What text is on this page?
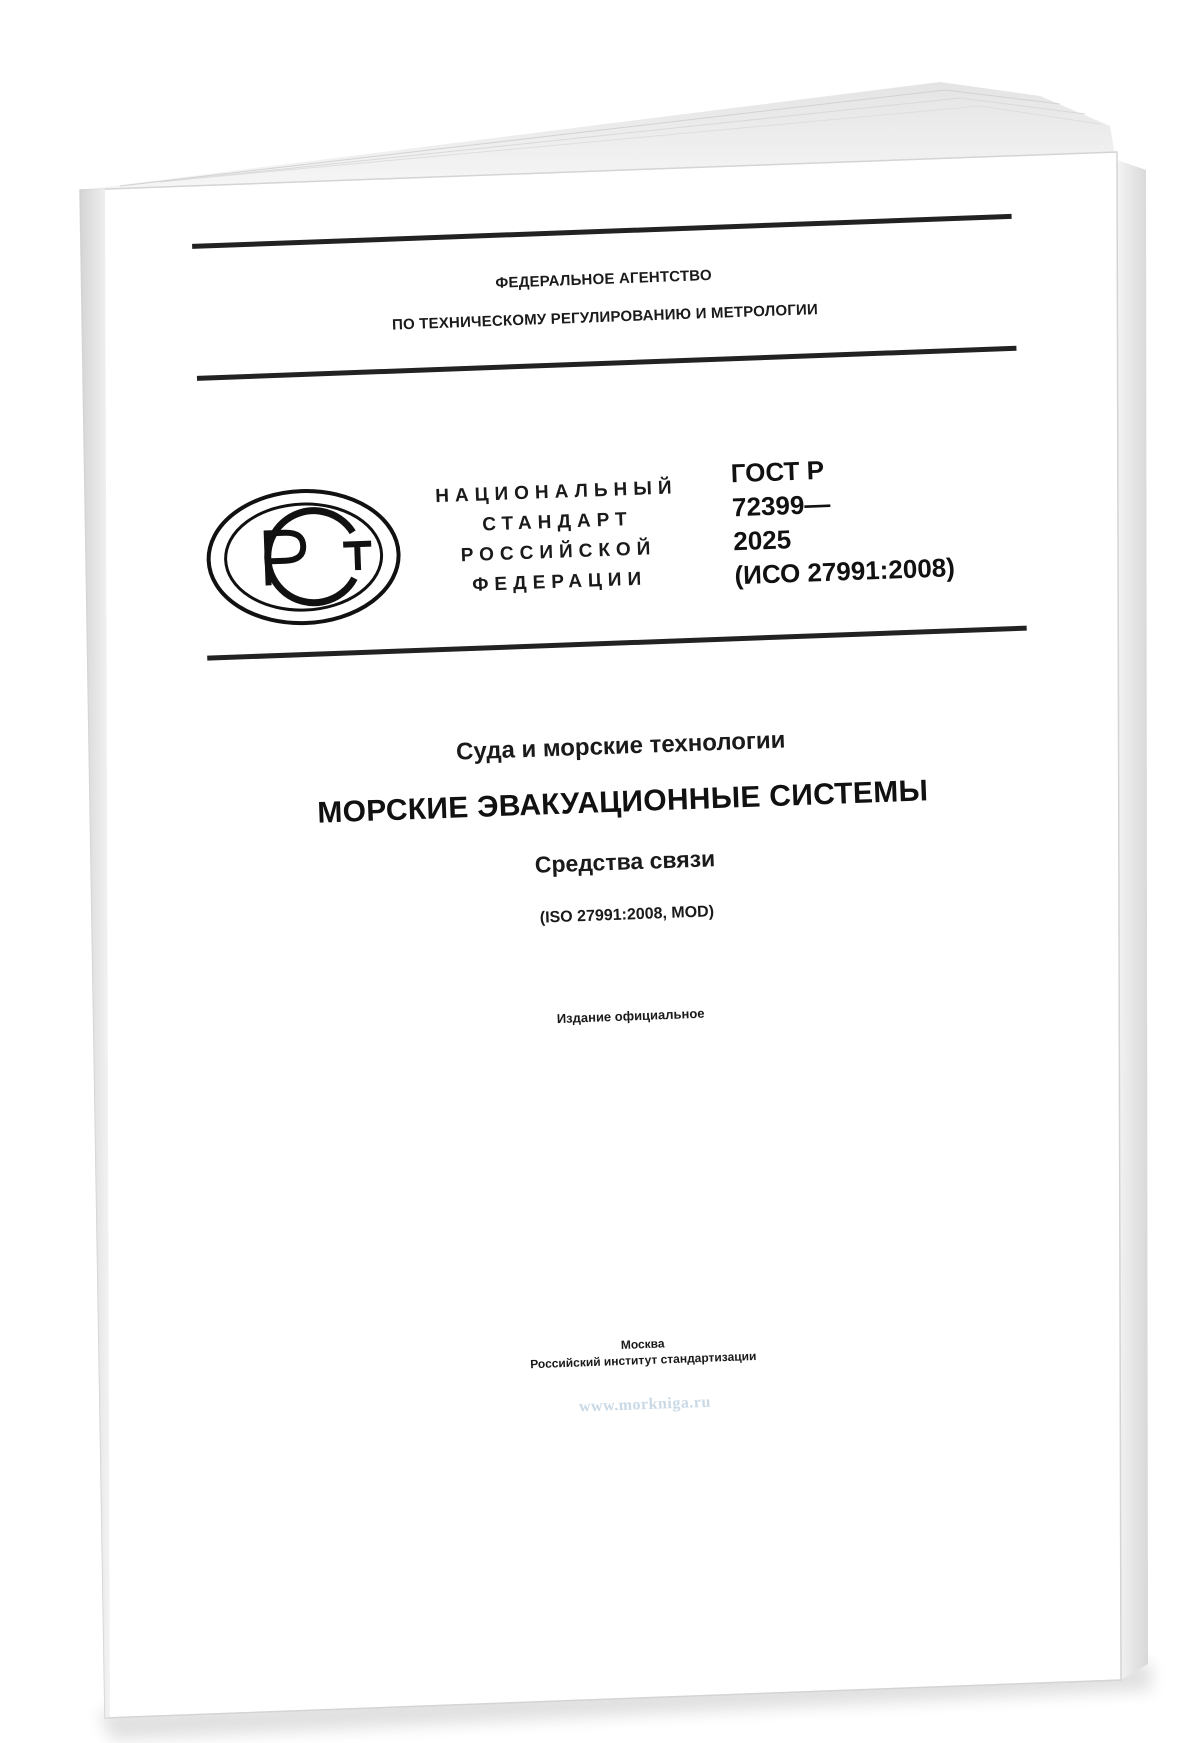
ФЕДЕРАЛЬНОЕ АГЕНТСТВО
ПО ТЕХНИЧЕСКОМУ РЕГУЛИРОВАНИЮ И МЕТРОЛОГИИ
НАЦИОНАЛЬНЫЙ
СТАНДАРТ
РОССИЙСКОЙ
ФЕДЕРАЦИИ
ГОСТ Р
72399—
2025
(ИСО 27991:2008)
Суда и морские технологии
МОРСКИЕ ЭВАКУАЦИОННЫЕ СИСТЕМЫ
Средства связи
(ISO 27991:2008, MOD)
Издание официальное
Москва
Российский институт стандартизации
www.morkniga.ru
